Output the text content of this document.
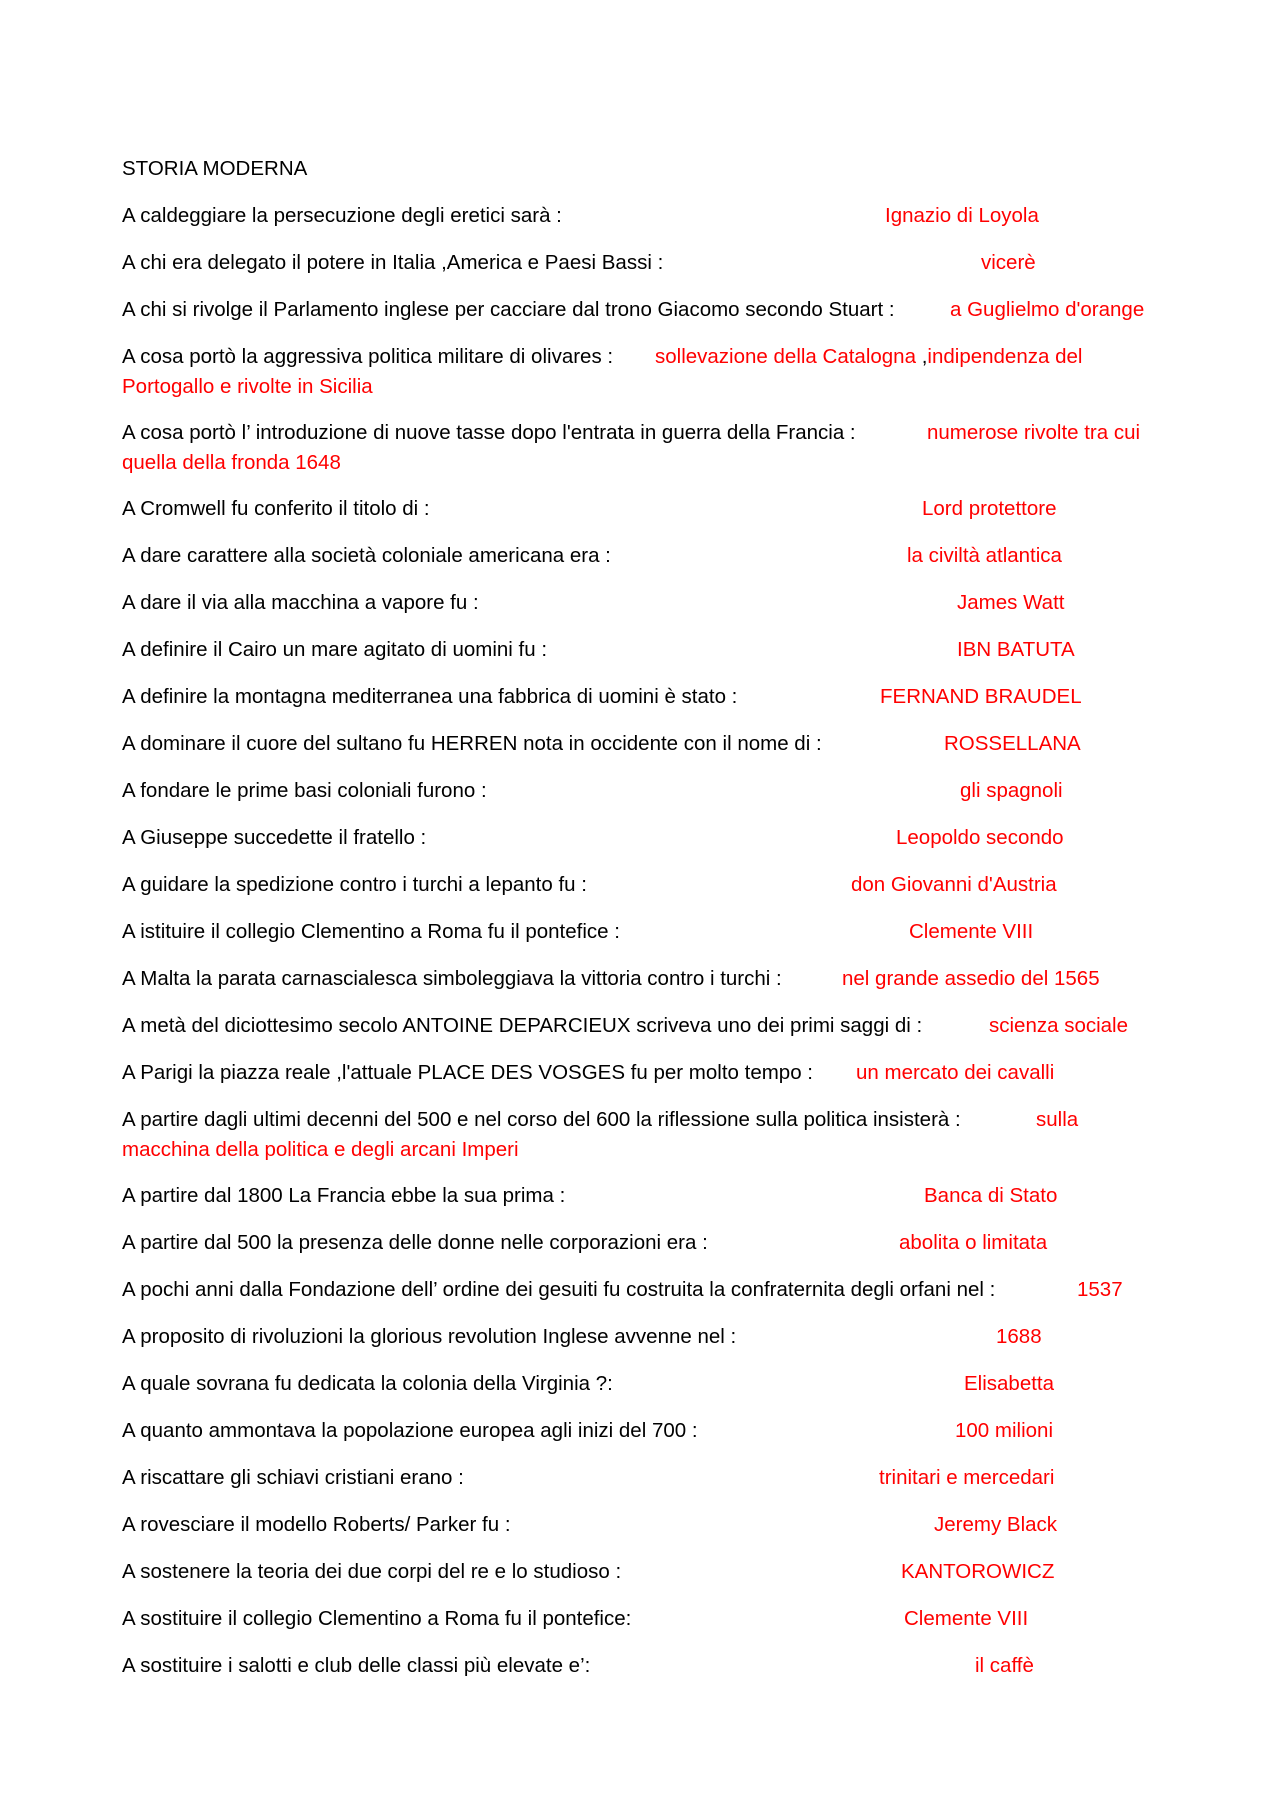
STORIA MODERNA
A caldeggiare la persecuzione degli eretici sarà :	Ignazio di Loyola
A chi era delegato il potere in Italia ,America e Paesi Bassi :	vicerè
A chi si rivolge il Parlamento inglese per cacciare dal trono Giacomo secondo Stuart :	a Guglielmo d'orange
A cosa portò la aggressiva politica militare di olivares : sollevazione della Catalogna ,indipendenza del
Portogallo e rivolte in Sicilia
A cosa portò l’ introduzione di nuove tasse dopo l'entrata in guerra della Francia :	numerose rivolte tra cui
quella della fronda 1648
A Cromwell fu conferito il titolo di :	Lord protettore
A dare carattere alla società coloniale americana era :	la civiltà atlantica
A dare il via alla macchina a vapore fu :	James Watt
A definire il Cairo un mare agitato di uomini fu :	IBN BATUTA
A definire la montagna mediterranea una fabbrica di uomini è stato :	FERNAND BRAUDEL
A dominare il cuore del sultano fu HERREN nota in occidente con il nome di :	ROSSELLANA
A fondare le prime basi coloniali furono :	gli spagnoli
A Giuseppe succedette il fratello :	Leopoldo secondo
A guidare la spedizione contro i turchi a lepanto fu :	don Giovanni d'Austria
A istituire il collegio Clementino a Roma fu il pontefice :	Clemente VIII
A Malta la parata carnascialesca simboleggiava la vittoria contro i turchi :	nel grande assedio del 1565
A metà del diciottesimo secolo ANTOINE DEPARCIEUX scriveva uno dei primi saggi di :	scienza sociale
A Parigi la piazza reale ,l'attuale PLACE DES VOSGES fu per molto tempo : un mercato dei cavalli
A partire dagli ultimi decenni del 500 e nel corso del 600 la riflessione sulla politica insisterà :	sulla
macchina della politica e degli arcani Imperi
A partire dal 1800 La Francia ebbe la sua prima :	Banca di Stato
A partire dal 500 la presenza delle donne nelle corporazioni era :	abolita o limitata
A pochi anni dalla Fondazione dell’ ordine dei gesuiti fu costruita la confraternita degli orfani nel :	1537
A proposito di rivoluzioni la glorious revolution Inglese avvenne nel :	1688
A quale sovrana fu dedicata la colonia della Virginia ?:	Elisabetta
A quanto ammontava la popolazione europea agli inizi del 700 :	100 milioni
A riscattare gli schiavi cristiani erano :	trinitari e mercedari
A rovesciare il modello Roberts/ Parker fu :	Jeremy Black
A sostenere la teoria dei due corpi del re e lo studioso :	KANTOROWICZ
A sostituire il collegio Clementino a Roma fu il pontefice:	Clemente VIII
A sostituire i salotti e club delle classi più elevate e’:	il caffè
